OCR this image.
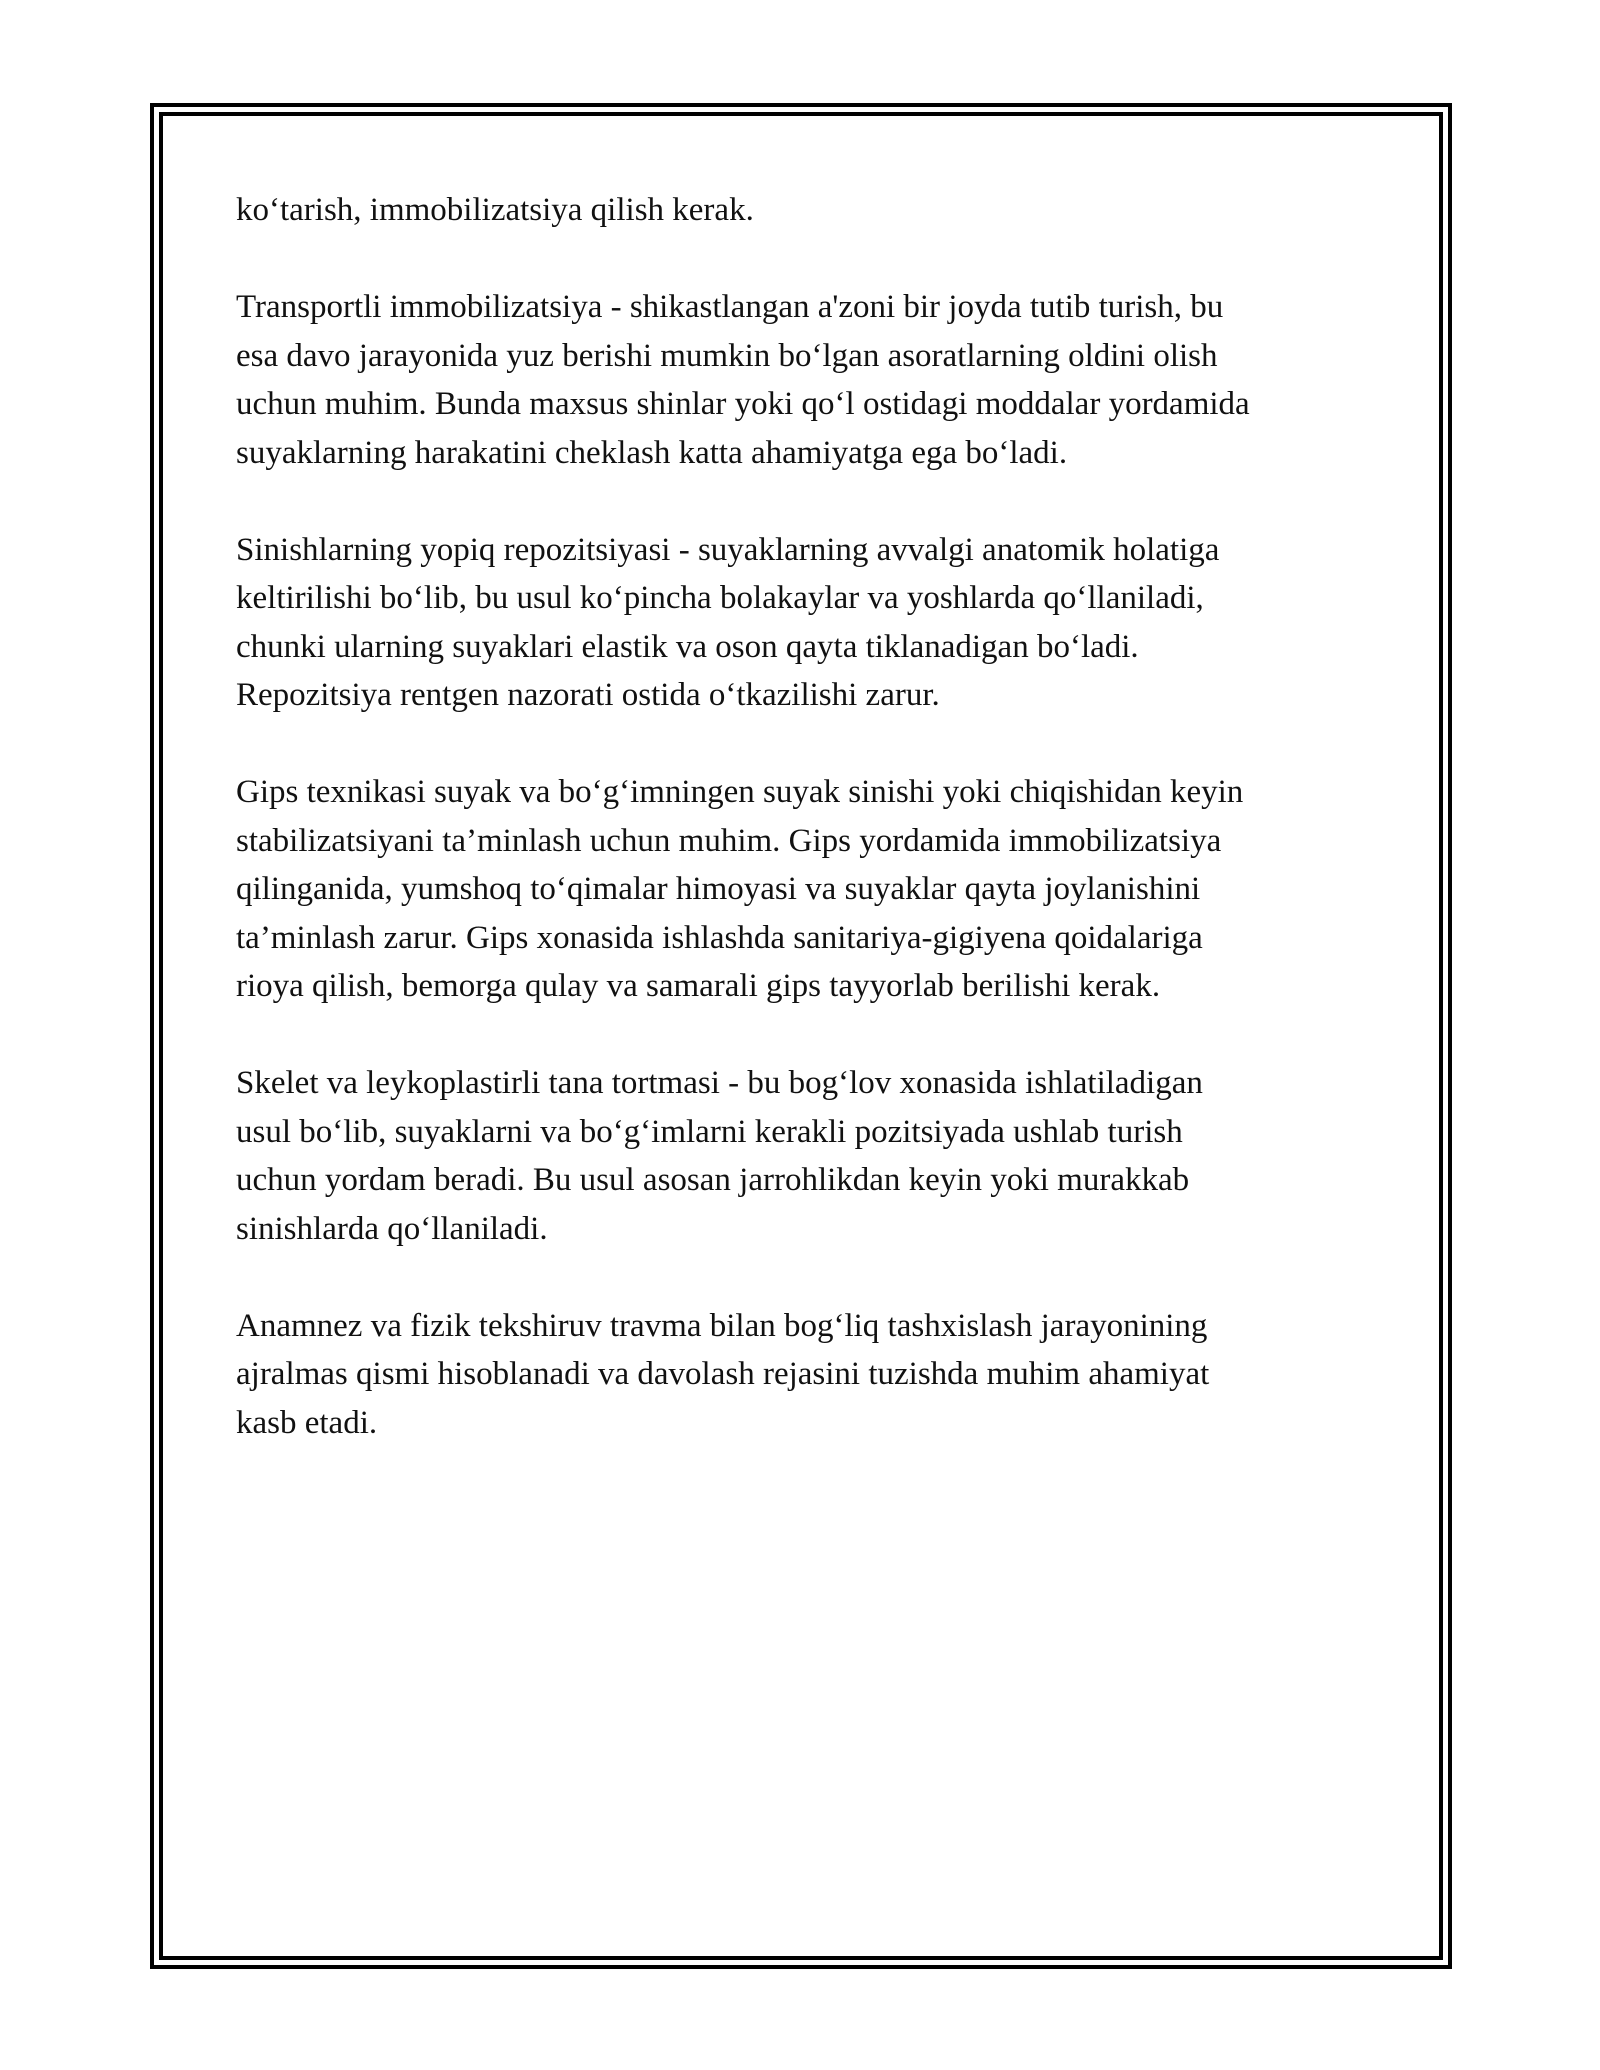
ko‘tarish, immobilizatsiya qilish kerak.

Transportli immobilizatsiya - shikastlangan a'zoni bir joyda tutib turish, bu
esa davo jarayonida yuz berishi mumkin bo‘lgan asoratlarning oldini olish
uchun muhim. Bunda maxsus shinlar yoki qo‘l ostidagi moddalar yordamida
suyaklarning harakatini cheklash katta ahamiyatga ega bo‘ladi.

Sinishlarning yopiq repozitsiyasi - suyaklarning avvalgi anatomik holatiga
keltirilishi bo‘lib, bu usul ko‘pincha bolakaylar va yoshlarda qo‘llaniladi,
chunki ularning suyaklari elastik va oson qayta tiklanadigan bo‘ladi.
Repozitsiya rentgen nazorati ostida o‘tkazilishi zarur.

Gips texnikasi suyak va bo‘g‘imningen suyak sinishi yoki chiqishidan keyin
stabilizatsiyani ta’minlash uchun muhim. Gips yordamida immobilizatsiya
qilinganida, yumshoq to‘qimalar himoyasi va suyaklar qayta joylanishini
ta’minlash zarur. Gips xonasida ishlashda sanitariya-gigiyena qoidalariga
rioya qilish, bemorga qulay va samarali gips tayyorlab berilishi kerak.

Skelet va leykoplastirli tana tortmasi - bu bog‘lov xonasida ishlatiladigan
usul bo‘lib, suyaklarni va bo‘g‘imlarni kerakli pozitsiyada ushlab turish
uchun yordam beradi. Bu usul asosan jarrohlikdan keyin yoki murakkab
sinishlarda qo‘llaniladi.

Anamnez va fizik tekshiruv travma bilan bog‘liq tashxislash jarayonining
ajralmas qismi hisoblanadi va davolash rejasini tuzishda muhim ahamiyat
kasb etadi.
